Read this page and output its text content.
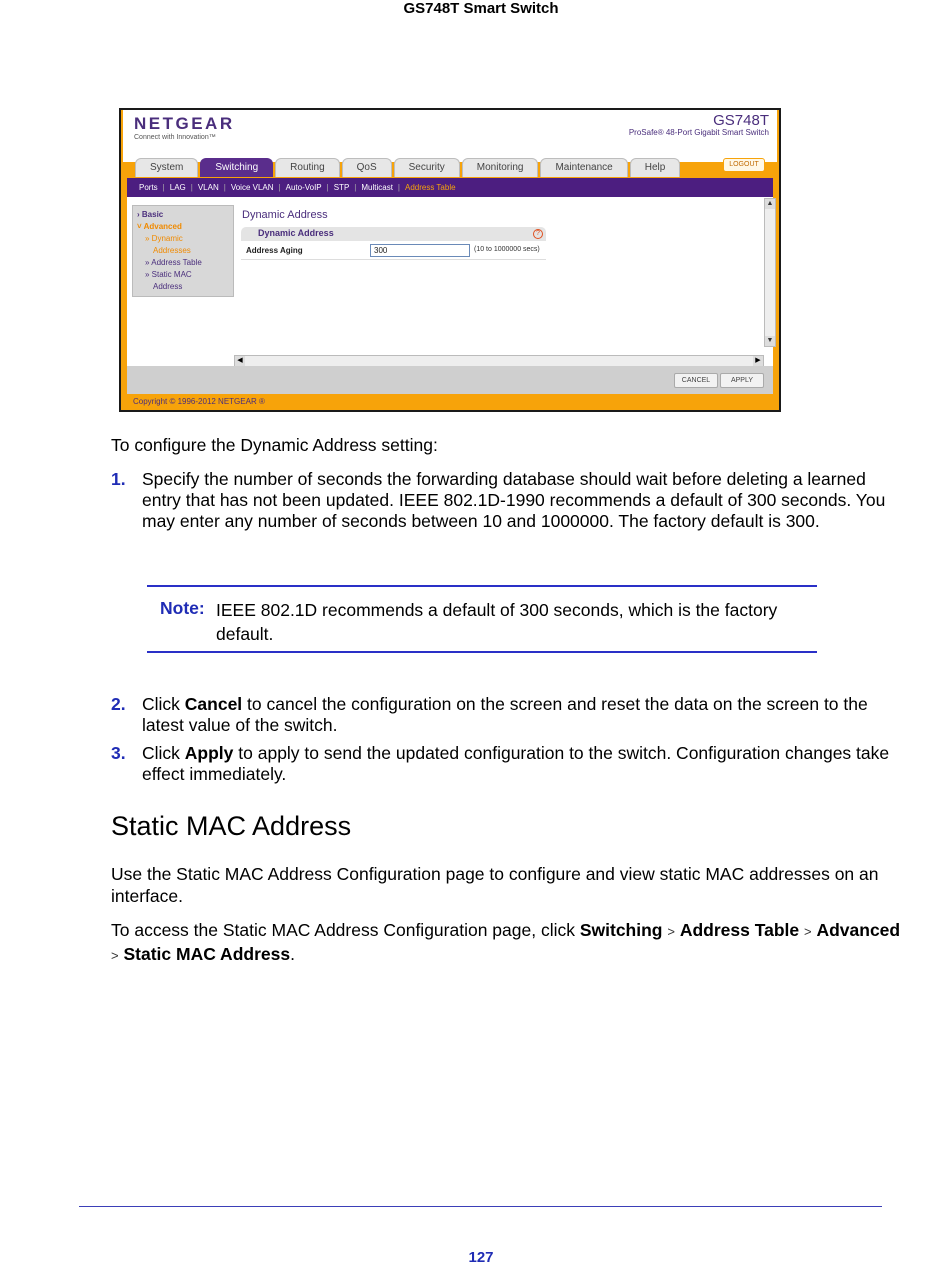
GS748T Smart Switch
NETGEAR
Connect with Innovation™
GS748T
ProSafe® 48-Port Gigabit Smart Switch
System	Switching	Routing	QoS	Security	Monitoring	Maintenance	Help	LOGOUT
Ports | LAG | VLAN | Voice VLAN | Auto-VoIP | STP | Multicast | Address Table
› Basic
˅ Advanced
» Dynamic
Addresses
» Address Table
» Static MAC
Address
Dynamic Address
Dynamic Address	?
Address Aging	300	(10 to 1000000 secs)
▲
▼
◀	▶
CANCEL	APPLY
Copyright © 1996-2012 NETGEAR ®
To configure the Dynamic Address setting:
1. Specify the number of seconds the forwarding database should wait before deleting a learned entry that has not been updated. IEEE 802.1D-1990 recommends a default of 300 seconds. You may enter any number of seconds between 10 and 1000000. The factory default is 300.
Note: IEEE 802.1D recommends a default of 300 seconds, which is the factory default.
2. Click Cancel to cancel the configuration on the screen and reset the data on the screen to the latest value of the switch.
3. Click Apply to apply to send the updated configuration to the switch. Configuration changes take effect immediately.
Static MAC Address
Use the Static MAC Address Configuration page to configure and view static MAC addresses on an interface.
To access the Static MAC Address Configuration page, click Switching > Address Table > Advanced > Static MAC Address.
127
